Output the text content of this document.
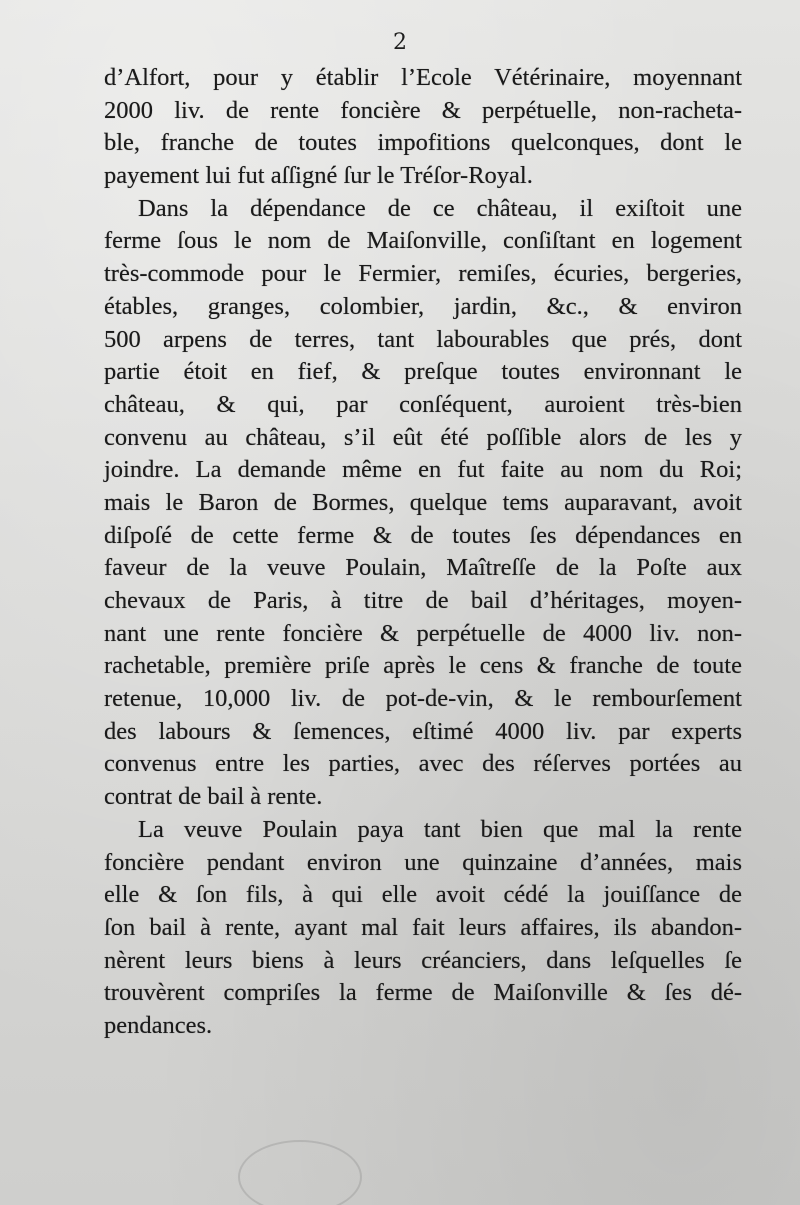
2

d’Alfort, pour y établir l’Ecole Vétérinaire, moyennant
2000 liv. de rente foncière & perpétuelle, non-racheta-
ble, franche de toutes impofitions quelconques, dont le
payement lui fut aſſigné ſur le Tréſor-Royal.
Dans la dépendance de ce château, il exiſtoit une
ferme ſous le nom de Maiſonville, conſiſtant en logement
très-commode pour le Fermier, remiſes, écuries, bergeries,
étables, granges, colombier, jardin, &c., & environ
500 arpens de terres, tant labourables que prés, dont
partie étoit en fief, & preſque toutes environnant le
château, & qui, par conſéquent, auroient très-bien
convenu au château, s’il eût été poſſible alors de les y
joindre. La demande même en fut faite au nom du Roi;
mais le Baron de Bormes, quelque tems auparavant, avoit
diſpoſé de cette ferme & de toutes ſes dépendances en
faveur de la veuve Poulain, Maîtreſſe de la Poſte aux
chevaux de Paris, à titre de bail d’héritages, moyen-
nant une rente foncière & perpétuelle de 4000 liv. non-
rachetable, première priſe après le cens & franche de toute
retenue, 10,000 liv. de pot-de-vin, & le rembourſement
des labours & ſemences, eſtimé 4000 liv. par experts
convenus entre les parties, avec des réſerves portées au
contrat de bail à rente.
La veuve Poulain paya tant bien que mal la rente
foncière pendant environ une quinzaine d’années, mais
elle & ſon fils, à qui elle avoit cédé la jouiſſance de
ſon bail à rente, ayant mal fait leurs affaires, ils abandon-
nèrent leurs biens à leurs créanciers, dans leſquelles ſe
trouvèrent compriſes la ferme de Maiſonville & ſes dé-
pendances.
